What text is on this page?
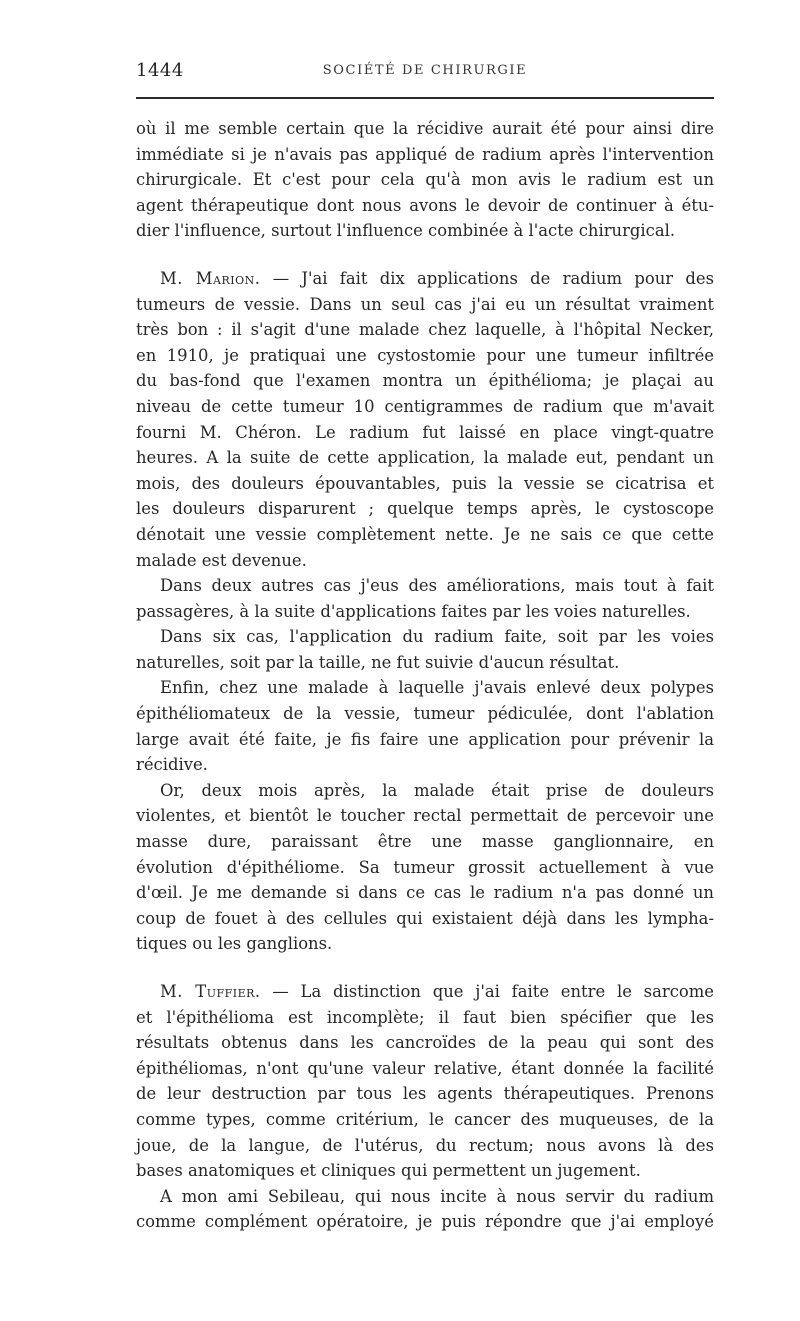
1444	SOCIÉTÉ DE CHIRURGIE
où il me semble certain que la récidive aurait été pour ainsi dire
immédiate si je n'avais pas appliqué de radium après l'intervention
chirurgicale. Et c'est pour cela qu'à mon avis le radium est un
agent thérapeutique dont nous avons le devoir de continuer à étu-
dier l'influence, surtout l'influence combinée à l'acte chirurgical.
M. Marion. — J'ai fait dix applications de radium pour des
tumeurs de vessie. Dans un seul cas j'ai eu un résultat vraiment
très bon : il s'agit d'une malade chez laquelle, à l'hôpital Necker,
en 1910, je pratiquai une cystostomie pour une tumeur infiltrée
du bas-fond que l'examen montra un épithélioma; je plaçai au
niveau de cette tumeur 10 centigrammes de radium que m'avait
fourni M. Chéron. Le radium fut laissé en place vingt-quatre
heures. A la suite de cette application, la malade eut, pendant un
mois, des douleurs épouvantables, puis la vessie se cicatrisa et
les douleurs disparurent ; quelque temps après, le cystoscope
dénotait une vessie complètement nette. Je ne sais ce que cette
malade est devenue.
Dans deux autres cas j'eus des améliorations, mais tout à fait
passagères, à la suite d'applications faites par les voies naturelles.
Dans six cas, l'application du radium faite, soit par les voies
naturelles, soit par la taille, ne fut suivie d'aucun résultat.
Enfin, chez une malade à laquelle j'avais enlevé deux polypes
épithéliomateux de la vessie, tumeur pédiculée, dont l'ablation
large avait été faite, je fis faire une application pour prévenir la
récidive.
Or, deux mois après, la malade était prise de douleurs
violentes, et bientôt le toucher rectal permettait de percevoir une
masse dure, paraissant être une masse ganglionnaire, en
évolution d'épithéliome. Sa tumeur grossit actuellement à vue
d'œil. Je me demande si dans ce cas le radium n'a pas donné un
coup de fouet à des cellules qui existaient déjà dans les lympha-
tiques ou les ganglions.
M. Tuffier. — La distinction que j'ai faite entre le sarcome
et l'épithélioma est incomplète; il faut bien spécifier que les
résultats obtenus dans les cancroïdes de la peau qui sont des
épithéliomas, n'ont qu'une valeur relative, étant donnée la facilité
de leur destruction par tous les agents thérapeutiques. Prenons
comme types, comme critérium, le cancer des muqueuses, de la
joue, de la langue, de l'utérus, du rectum; nous avons là des
bases anatomiques et cliniques qui permettent un jugement.
A mon ami Sebileau, qui nous incite à nous servir du radium
comme complément opératoire, je puis répondre que j'ai employé
